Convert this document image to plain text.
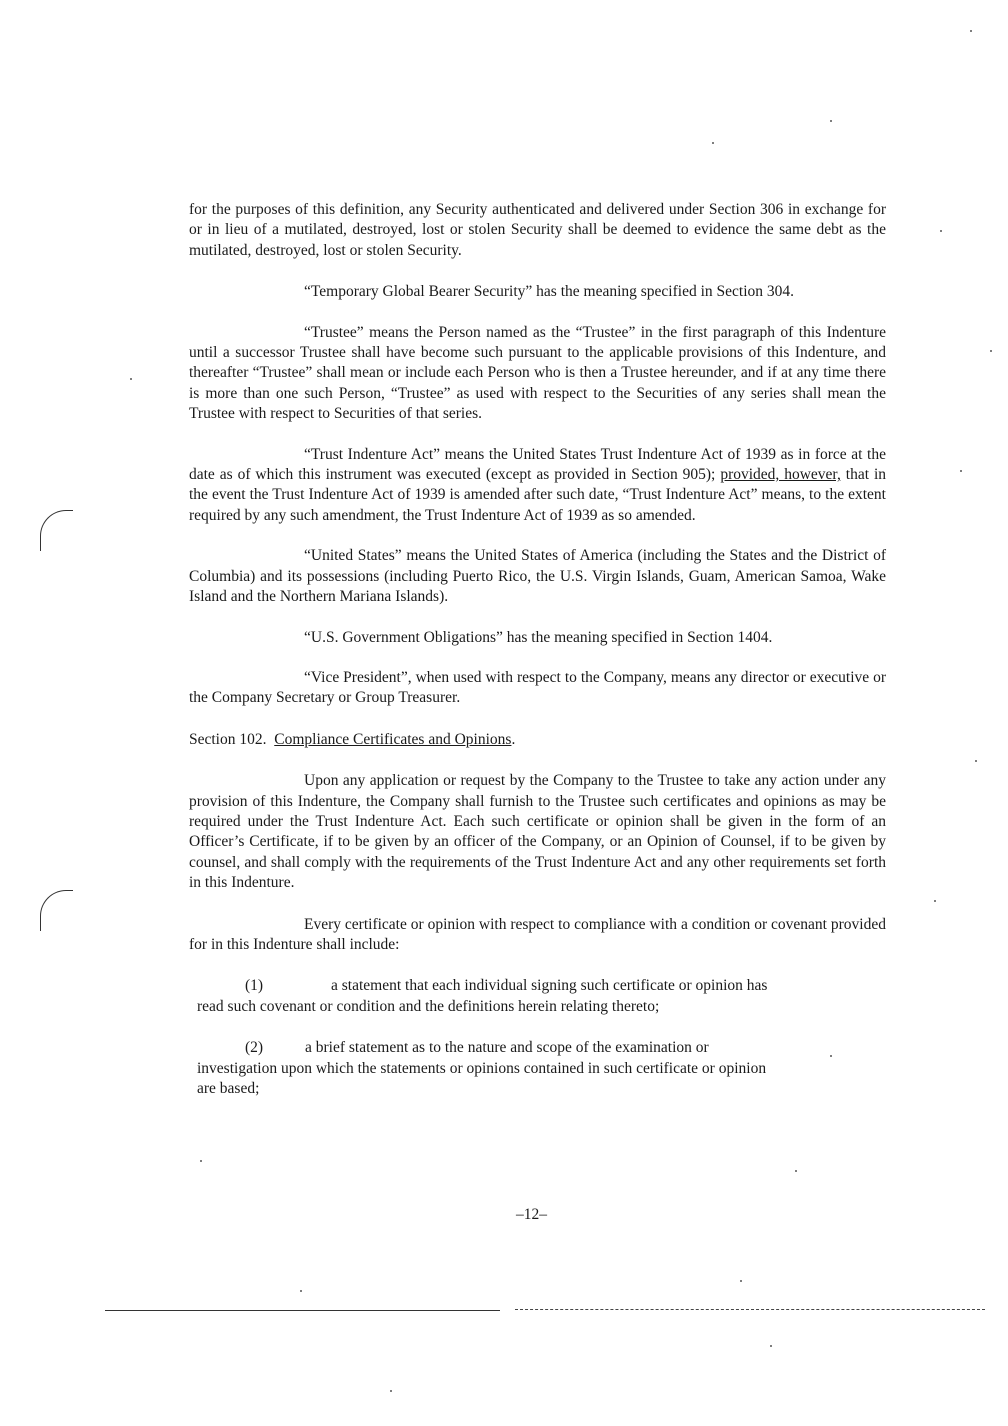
for the purposes of this definition, any Security authenticated and delivered under Section 306 in exchange for or in lieu of a mutilated, destroyed, lost or stolen Security shall be deemed to evidence the same debt as the mutilated, destroyed, lost or stolen Security.

“Temporary Global Bearer Security” has the meaning specified in Section 304.

“Trustee” means the Person named as the “Trustee” in the first paragraph of this Indenture until a successor Trustee shall have become such pursuant to the applicable provisions of this Indenture, and thereafter “Trustee” shall mean or include each Person who is then a Trustee hereunder, and if at any time there is more than one such Person, “Trustee” as used with respect to the Securities of any series shall mean the Trustee with respect to Securities of that series.

“Trust Indenture Act” means the United States Trust Indenture Act of 1939 as in force at the date as of which this instrument was executed (except as provided in Section 905); provided, however, that in the event the Trust Indenture Act of 1939 is amended after such date, “Trust Indenture Act” means, to the extent required by any such amendment, the Trust Indenture Act of 1939 as so amended.

“United States” means the United States of America (including the States and the District of Columbia) and its possessions (including Puerto Rico, the U.S. Virgin Islands, Guam, American Samoa, Wake Island and the Northern Mariana Islands).

“U.S. Government Obligations” has the meaning specified in Section 1404.

“Vice President”, when used with respect to the Company, means any director or executive or the Company Secretary or Group Treasurer.

Section 102. Compliance Certificates and Opinions.

Upon any application or request by the Company to the Trustee to take any action under any provision of this Indenture, the Company shall furnish to the Trustee such certificates and opinions as may be required under the Trust Indenture Act. Each such certificate or opinion shall be given in the form of an Officer’s Certificate, if to be given by an officer of the Company, or an Opinion of Counsel, if to be given by counsel, and shall comply with the requirements of the Trust Indenture Act and any other requirements set forth in this Indenture.

Every certificate or opinion with respect to compliance with a condition or covenant provided for in this Indenture shall include:

(1)	a statement that each individual signing such certificate or opinion has read such covenant or condition and the definitions herein relating thereto;

(2)	a brief statement as to the nature and scope of the examination or investigation upon which the statements or opinions contained in such certificate or opinion are based;

–12–
